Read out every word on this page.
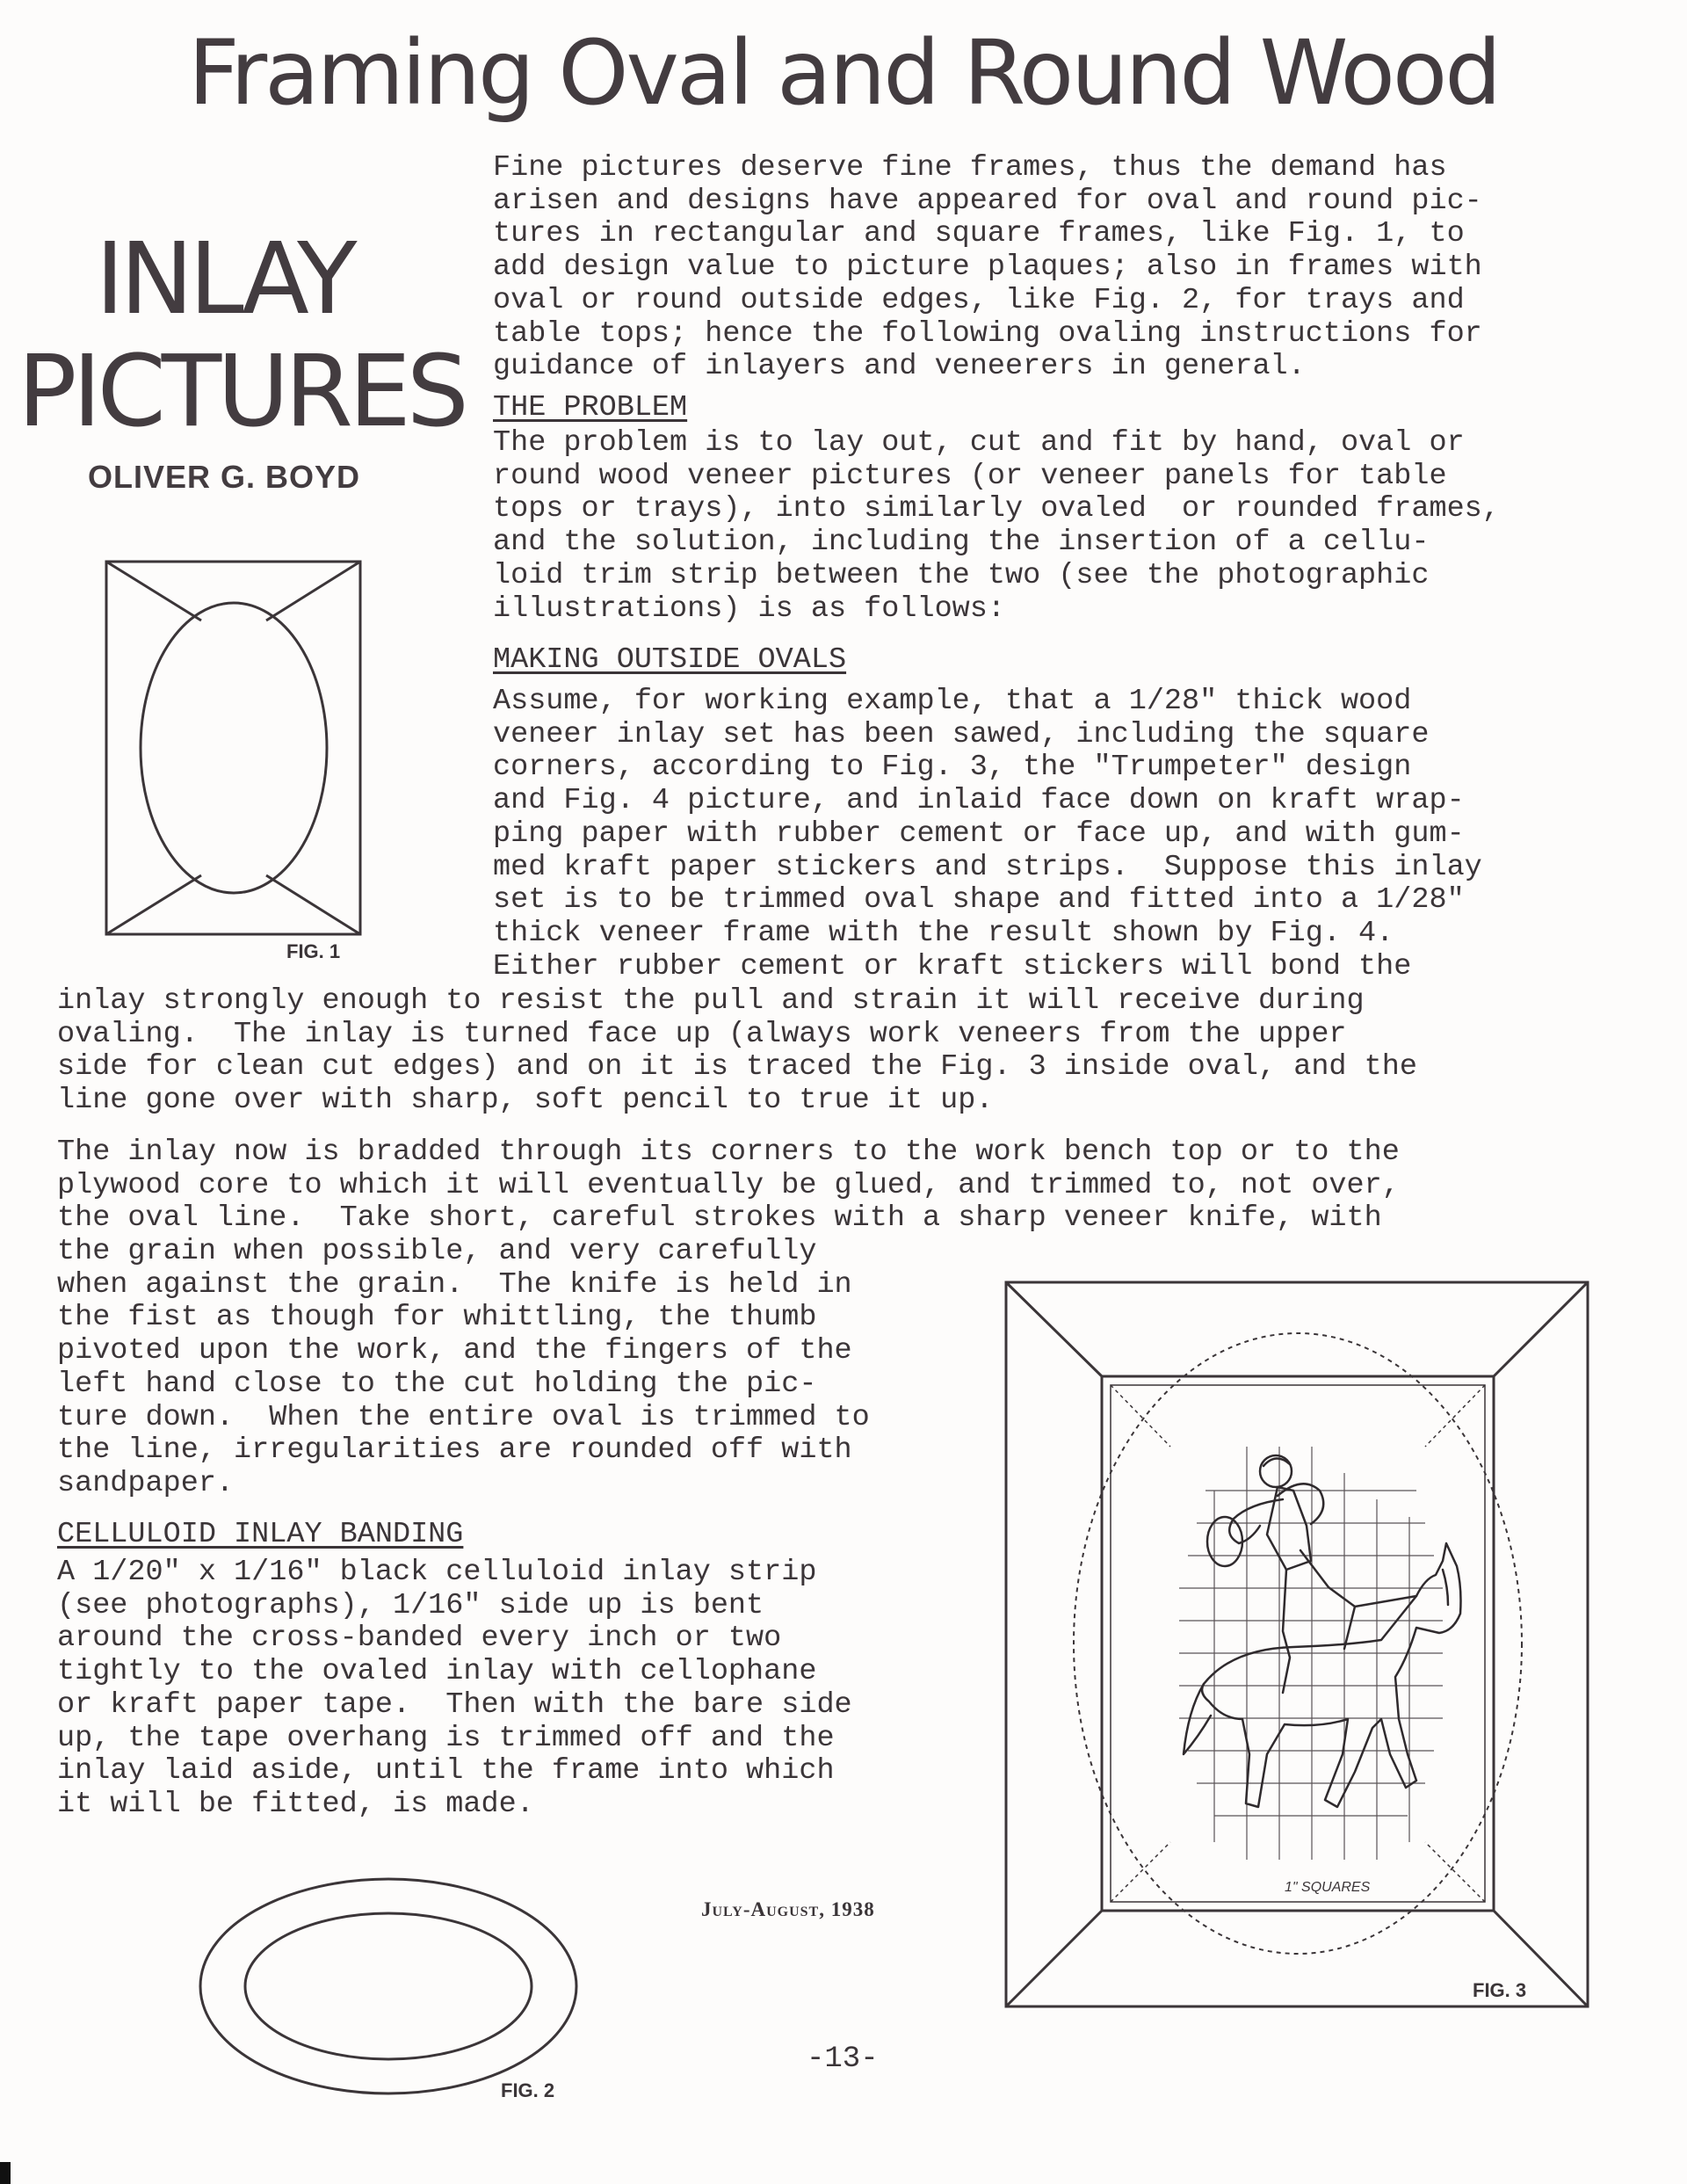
Framing Oval and Round Wood
INLAY
PICTURES
OLIVER G. BOYD
Fine pictures deserve fine frames, thus the demand has
arisen and designs have appeared for oval and round pic-
tures in rectangular and square frames, like Fig. 1, to
add design value to picture plaques; also in frames with
oval or round outside edges, like Fig. 2, for trays and
table tops; hence the following ovaling instructions for
guidance of inlayers and veneerers in general.
THE PROBLEM
The problem is to lay out, cut and fit by hand, oval or
round wood veneer pictures (or veneer panels for table
tops or trays), into similarly ovaled  or rounded frames,
and the solution, including the insertion of a cellu-
loid trim strip between the two (see the photographic
illustrations) is as follows:
MAKING OUTSIDE OVALS
Assume, for working example, that a 1/28" thick wood
veneer inlay set has been sawed, including the square
corners, according to Fig. 3, the "Trumpeter" design
and Fig. 4 picture, and inlaid face down on kraft wrap-
ping paper with rubber cement or face up, and with gum-
med kraft paper stickers and strips.  Suppose this inlay
set is to be trimmed oval shape and fitted into a 1/28"
thick veneer frame with the result shown by Fig. 4.
Either rubber cement or kraft stickers will bond the
inlay strongly enough to resist the pull and strain it will receive during
ovaling.  The inlay is turned face up (always work veneers from the upper
side for clean cut edges) and on it is traced the Fig. 3 inside oval, and the
line gone over with sharp, soft pencil to true it up.
The inlay now is bradded through its corners to the work bench top or to the
plywood core to which it will eventually be glued, and trimmed to, not over,
the oval line.  Take short, careful strokes with a sharp veneer knife, with
the grain when possible, and very carefully
when against the grain.  The knife is held in
the fist as though for whittling, the thumb
pivoted upon the work, and the fingers of the
left hand close to the cut holding the pic-
ture down.  When the entire oval is trimmed to
the line, irregularities are rounded off with
sandpaper.
CELLULOID INLAY BANDING
A 1/20" x 1/16" black celluloid inlay strip
(see photographs), 1/16" side up is bent
around the cross-banded every inch or two
tightly to the ovaled inlay with cellophane
or kraft paper tape.  Then with the bare side
up, the tape overhang is trimmed off and the
inlay laid aside, until the frame into which
it will be fitted, is made.
FIG. 1
FIG. 2
1" SQUARES
FIG. 3
July-August, 1938
-13-
